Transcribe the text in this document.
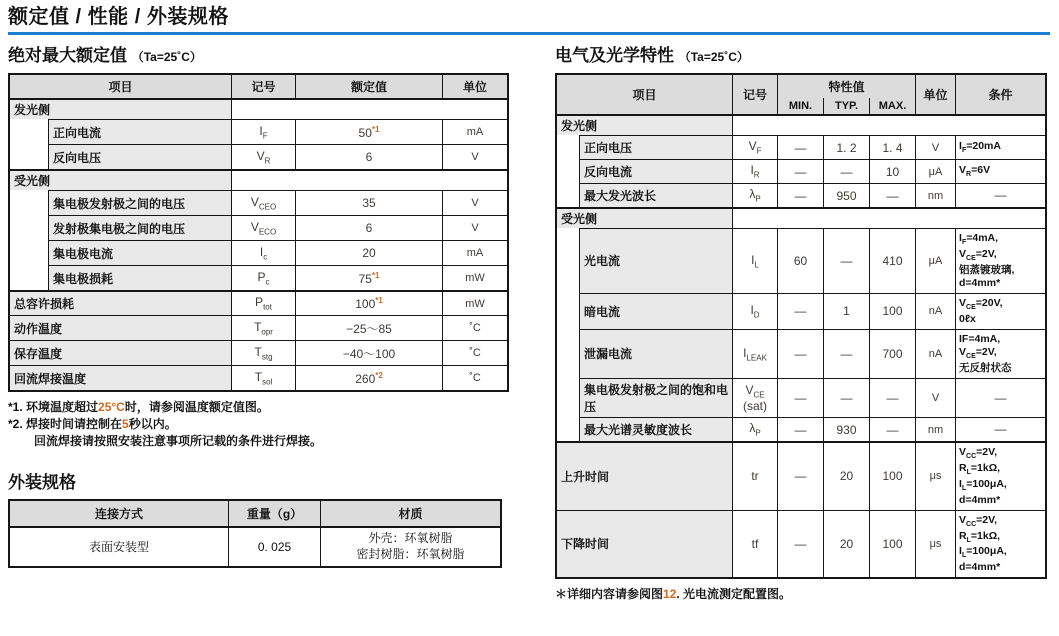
额定值 / 性能 / 外装规格
绝对最大额定值 （Ta=25˚C）
项目		记号	额定值	单位
发光侧				
	正向电流	$I_F$	50$^{*1}$	mA
	反向电压	$V_R$	6	V
受光侧				
	集电极发射极之间的电压	$V_{CEO}$	35	V
	发射极集电极之间的电压	$V_{ECO}$	6	V
	集电极电流	$I_c$	20	mA
	集电极损耗	$P_c$	75$^{*1}$	mW
总容许损耗		$P_{tot}$	100$^{*1}$	mW
动作温度		$T_{opr}$	−25～85	˚C
保存温度		$T_{stg}$	−40～100	˚C
回流焊接温度		$T_{sol}$	260$^{*2}$	˚C
*1. 环境温度超过25°C时，请参阅温度额定值图。
*2. 焊接时间请控制在5秒以内。
回流焊接请按照安装注意事项所记载的条件进行焊接。
外装规格
连接方式	重量（g）	材质
表面安装型	0. 025	外壳：环氧树脂
密封树脂：环氧树脂
电气及光学特性 （Ta=25˚C）
项目		记号	特性值			单位	条件
			MIN.	TYP.	MAX.		
发光侧							
	正向电压	$V_F$	—	1. 2	1. 4	V	$I_F=20mA$

	反向电流	$I_R$	—	—	10	μA	$V_R=6V$

	最大发光波长	$\lambda_P$	—	950	—	nm	—
受光侧							
	光电流	$I_L$	60	—	410	μA	$I_F=4mA$,
$V_{CE}=2V$,
铝蒸镀玻璃,
d=4mm*

	暗电流	$I_D$	—	1	100	nA	$V_{CE}=20V$,
0ℓx

	泄漏电流	$I_{LEAK}$	—	—	700	nA	IF=4mA,
$V_{CE}=2V$,
无反射状态

	集电极发射极之间的饱和电压	$V_{CE}$
(sat)	—	—	—	V	—
	最大光谱灵敏度波长	$\lambda_P$	—	930	—	nm	—
上升时间		tr	—	20	100	μs	$V_{CC}=2V$,
$R_L=1k\Omega$,
$I_L=100\mu A$,
d=4mm*

下降时间		tf	—	20	100	μs	$V_{CC}=2V$,
$R_L=1k\Omega$,
$I_L=100\mu A$,
d=4mm*
＊详细内容请参阅图12. 光电流测定配置图。
